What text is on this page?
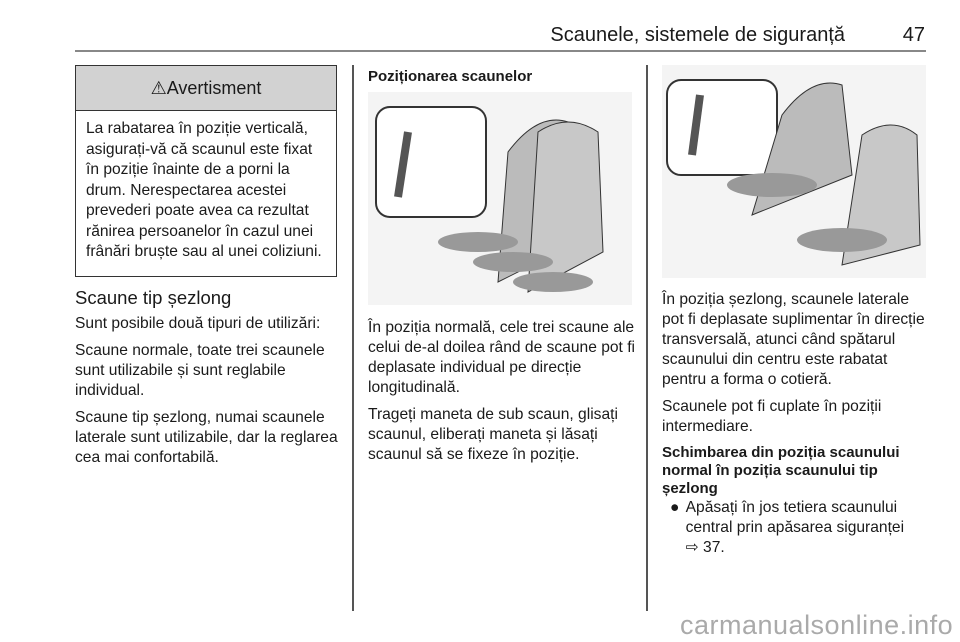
Scaunele, sistemele de siguranță	47
⚠Avertisment
La rabatarea în poziție verticală, asigurați-vă că scaunul este fixat în poziție înainte de a porni la drum. Nerespectarea acestei prevederi poate avea ca rezultat rănirea persoanelor în cazul unei frânări bruște sau al unei coliziuni.
Scaune tip șezlong

Sunt posibile două tipuri de utilizări:

Scaune normale, toate trei scaunele sunt utilizabile și sunt reglabile individual.

Scaune tip șezlong, numai scaunele laterale sunt utilizabile, dar la reglarea cea mai confortabilă.

Poziționarea scaunelor

În poziția normală, cele trei scaune ale celui de-al doilea rând de scaune pot fi deplasate individual pe direcție longitudinală.

Trageți maneta de sub scaun, glisați scaunul, eliberați maneta și lăsați scaunul să se fixeze în poziție.

În poziția șezlong, scaunele laterale pot fi deplasate suplimentar în direcție transversală, atunci când spătarul scaunului din centru este rabatat pentru a forma o cotieră.

Scaunele pot fi cuplate în poziții intermediare.

Schimbarea din poziția scaunului normal în poziția scaunului tip șezlong
● Apăsați în jos tetiera scaunului central prin apăsarea siguranței
⇨ 37.
carmanualsonline.info
